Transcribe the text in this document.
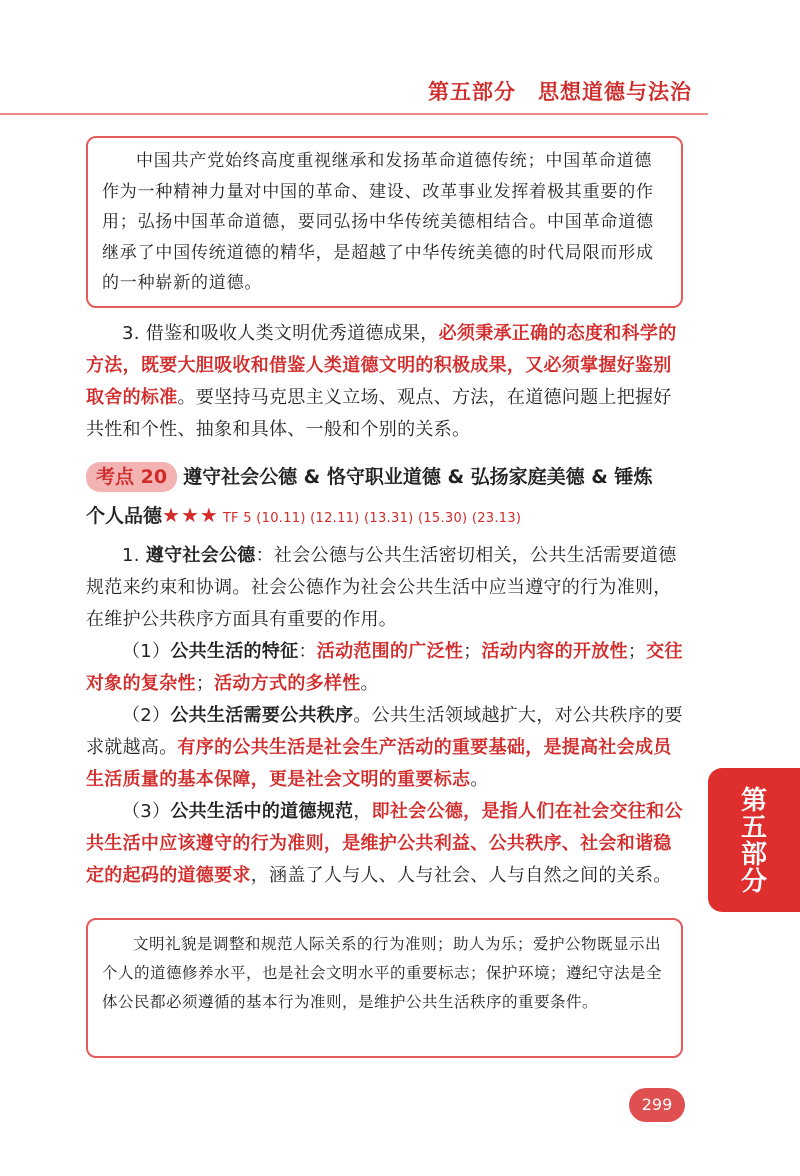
第五部分　思想道德与法治

中国共产党始终高度重视继承和发扬革命道德传统；中国革命道德作为一种精神力量对中国的革命、建设、改革事业发挥着极其重要的作用；弘扬中国革命道德，要同弘扬中华传统美德相结合。中国革命道德继承了中国传统道德的精华，是超越了中华传统美德的时代局限而形成的一种崭新的道德。

3. 借鉴和吸收人类文明优秀道德成果，必须秉承正确的态度和科学的方法，既要大胆吸收和借鉴人类道德文明的积极成果，又必须掌握好鉴别取舍的标准。要坚持马克思主义立场、观点、方法，在道德问题上把握好共性和个性、抽象和具体、一般和个别的关系。

考点 20 遵守社会公德 & 恪守职业道德 & 弘扬家庭美德 & 锤炼
个人品德★★★ TF 5 (10.11) (12.11) (13.31) (15.30) (23.13)

1. 遵守社会公德：社会公德与公共生活密切相关，公共生活需要道德规范来约束和协调。社会公德作为社会公共生活中应当遵守的行为准则，在维护公共秩序方面具有重要的作用。

（1）公共生活的特征：活动范围的广泛性；活动内容的开放性；交往对象的复杂性；活动方式的多样性。

（2）公共生活需要公共秩序。公共生活领域越扩大，对公共秩序的要求就越高。有序的公共生活是社会生产活动的重要基础，是提高社会成员生活质量的基本保障，更是社会文明的重要标志。

（3）公共生活中的道德规范，即社会公德，是指人们在社会交往和公共生活中应该遵守的行为准则，是维护公共利益、公共秩序、社会和谐稳定的起码的道德要求，涵盖了人与人、人与社会、人与自然之间的关系。

文明礼貌是调整和规范人际关系的行为准则；助人为乐；爱护公物既显示出个人的道德修养水平，也是社会文明水平的重要标志；保护环境；遵纪守法是全体公民都必须遵循的基本行为准则，是维护公共生活秩序的重要条件。

第五部分
299
